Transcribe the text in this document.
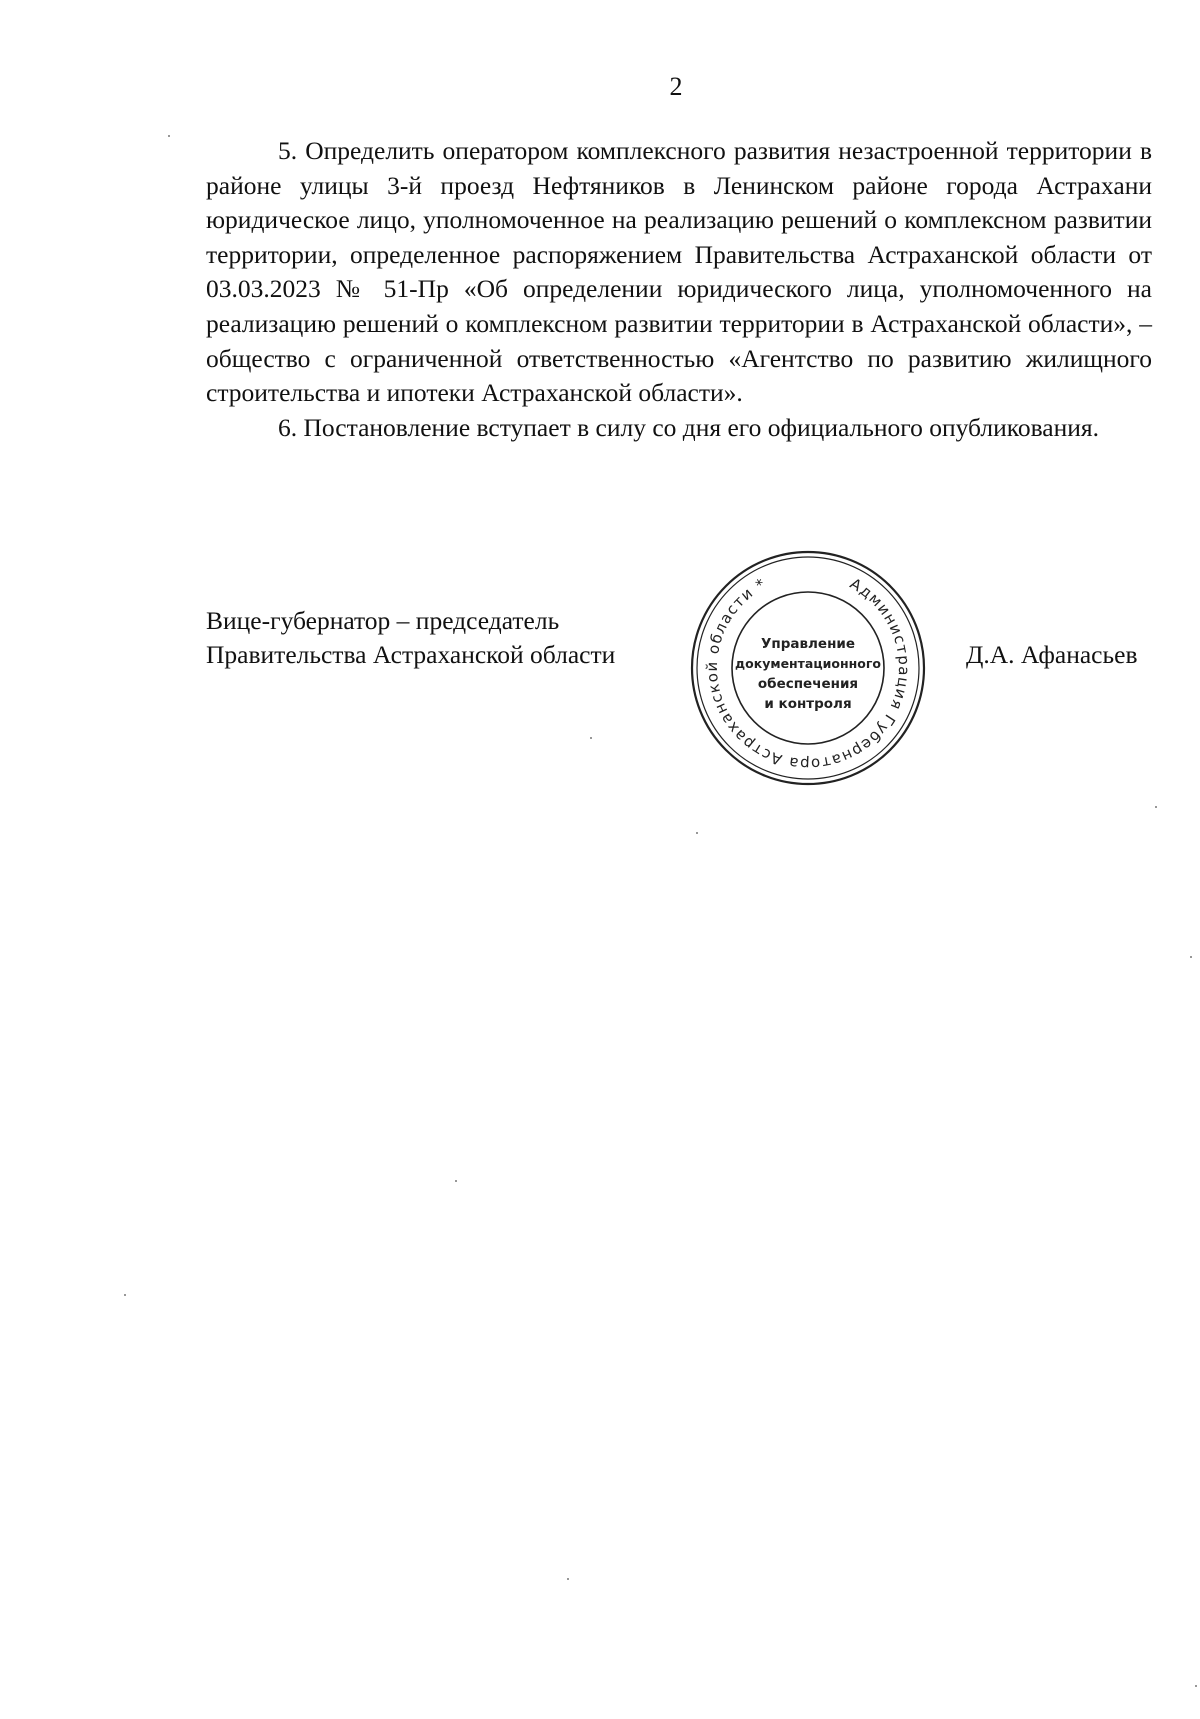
2

5. Определить оператором комплексного развития незастроенной территории в районе улицы 3-й проезд Нефтяников в Ленинском районе города Астрахани юридическое лицо, уполномоченное на реализацию решений о комплексном развитии территории, определенное распоряжением Правительства Астраханской области от 03.03.2023 № 51-Пр «Об определении юридического лица, уполномоченного на реализацию решений о комплексном развитии территории в Астраханской области», – общество с ограниченной ответственностью «Агентство по развитию жилищного строительства и ипотеки Астраханской области».

6. Постановление вступает в силу со дня его официального опубликования.

Вице-губернатор – председатель
Правительства Астраханской области	Д.А. Афанасьев
Администрация Губернатора Астраханской области *
Управление
документационного
обеспечения
и контроля
